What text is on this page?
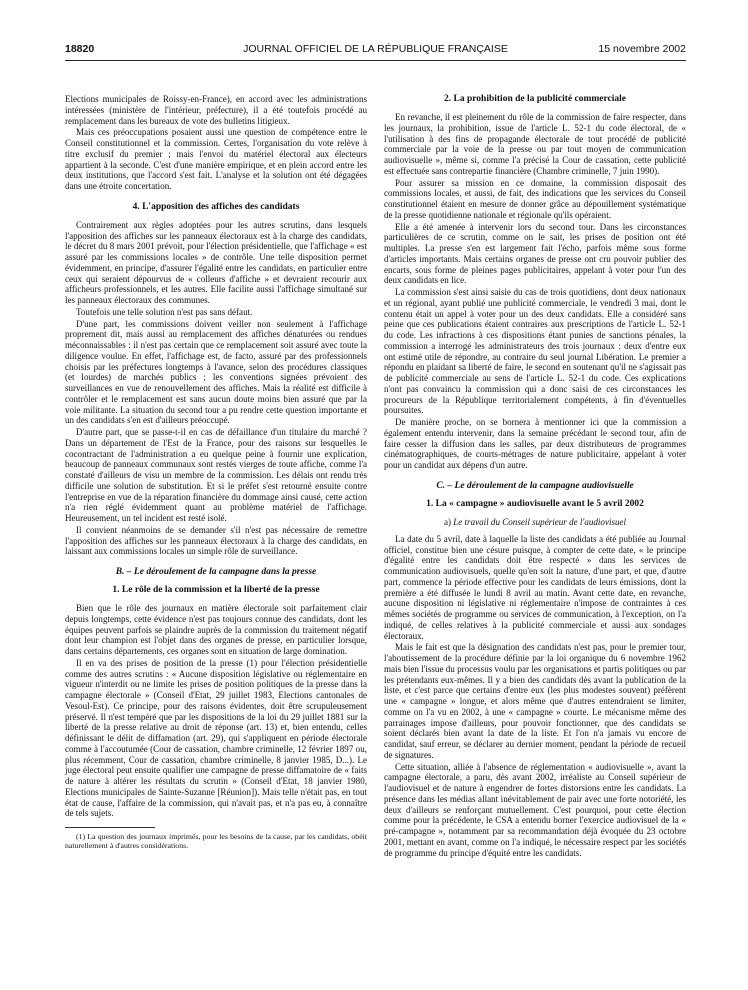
18820	JOURNAL OFFICIEL DE LA RÉPUBLIQUE FRANÇAISE	15 novembre 2002

Elections municipales de Roissy-en-France), en accord avec les administrations intéressées (ministère de l'intérieur, préfecture), il a été toutefois procédé au remplacement dans les bureaux de vote des bulletins litigieux.

Mais ces préoccupations posaient aussi une question de compétence entre le Conseil constitutionnel et la commission. Certes, l'organisation du vote relève à titre exclusif du premier ; mais l'envoi du matériel électoral aux électeurs appartient à la seconde. C'est d'une manière empirique, et en plein accord entre les deux institutions, que l'accord s'est fait. L'analyse et la solution ont été dégagées dans une étroite concertation.

4. L'apposition des affiches des candidats

Contrairement aux règles adoptées pour les autres scrutins, dans lesquels l'apposition des affiches sur les panneaux électoraux est à la charge des candidats, le décret du 8 mars 2001 prévoit, pour l'élection présidentielle, que l'affichage « est assuré par les commissions locales » de contrôle. Une telle disposition permet évidemment, en principe, d'assurer l'égalité entre les candidats, en particulier entre ceux qui seraient dépourvus de « colleurs d'affiche » et devraient recourir aux afficheurs professionnels, et les autres. Elle facilite aussi l'affichage simultané sur les panneaux électoraux des communes.

Toutefois une telle solution n'est pas sans défaut.

D'une part, les commissions doivent veiller non seulement à l'affichage proprement dit, mais aussi au remplacement des affiches dénaturées ou rendues méconnaissables : il n'est pas certain que ce remplacement soit assuré avec toute la diligence voulue. En effet, l'affichage est, de facto, assuré par des professionnels choisis par les préfectures longtemps à l'avance, selon des procédures classiques (et lourdes) de marchés publics ; les conventions signées prévoient des surveillances en vue de renouvellement des affiches. Mais la réalité est difficile à contrôler et le remplacement est sans aucun doute moins bien assuré que par la voie militante. La situation du second tour a pu rendre cette question importante et un des candidats s'en est d'ailleurs préoccupé.

D'autre part, que se passe-t-il en cas de défaillance d'un titulaire du marché ? Dans un département de l'Est de la France, pour des raisons sur lesquelles le cocontractant de l'administration a eu quelque peine à fournir une explication, beaucoup de panneaux communaux sont restés vierges de toute affiche, comme l'a constaté d'ailleurs de visu un membre de la commission. Les délais ont rendu très difficile une solution de substitution. Et si le préfet s'est retourné ensuite contre l'entreprise en vue de la réparation financière du dommage ainsi causé, cette action n'a rien réglé évidemment quant au problème matériel de l'affichage. Heureusement, un tel incident est resté isolé.

Il convient néanmoins de se demander s'il n'est pas nécessaire de remettre l'apposition des affiches sur les panneaux électoraux à la charge des candidats, en laissant aux commissions locales un simple rôle de surveillance.

B. – Le déroulement de la campagne dans la presse
1. Le rôle de la commission et la liberté de la presse

Bien que le rôle des journaux en matière électorale soit parfaitement clair depuis longtemps, cette évidence n'est pas toujours connue des candidats, dont les équipes peuvent parfois se plaindre auprès de la commission du traitement négatif dont leur champion est l'objet dans des organes de presse, en particulier lorsque, dans certains départements, ces organes sont en situation de large domination.

Il en va des prises de position de la presse (1) pour l'élection présidentielle comme des autres scrutins : « Aucune disposition législative ou réglementaire en vigueur n'interdit ou ne limite les prises de position politiques de la presse dans la campagne électorale » (Conseil d'Etat, 29 juillet 1983, Elections cantonales de Vesoul-Est). Ce principe, pour des raisons évidentes, doit être scrupuleusement préservé. Il n'est tempéré que par les dispositions de la loi du 29 juillet 1881 sur la liberté de la presse relative au droit de réponse (art. 13) et, bien entendu, celles définissant le délit de diffamation (art. 29), qui s'appliquent en période électorale comme à l'accoutumée (Cour de cassation, chambre criminelle, 12 février 1897 ou, plus récemment, Cour de cassation, chambre criminelle, 8 janvier 1985, D...). Le juge électoral peut ensuite qualifier une campagne de presse diffamatoire de « faits de nature à altérer les résultats du scrutin » (Conseil d'Etat, 18 janvier 1980, Elections municipales de Sainte-Suzanne [Réunion]). Mais telle n'était pas, en tout état de cause, l'affaire de la commission, qui n'avait pas, et n'a pas eu, à connaître de tels sujets.

(1) La question des journaux imprimés, pour les besoins de la cause, par les candidats, obéit naturellement à d'autres considérations.

2. La prohibition de la publicité commerciale

En revanche, il est pleinement du rôle de la commission de faire respecter, dans les journaux, la prohibition, issue de l'article L. 52-1 du code électoral, de « l'utilisation à des fins de propagande électorale de tout procédé de publicité commerciale par la voie de la presse ou par tout moyen de communication audiovisuelle », même si, comme l'a précisé la Cour de cassation, cette publicité est effectuée sans contrepartie financière (Chambre criminelle, 7 juin 1990).

Pour assurer sa mission en ce domaine, la commission disposait des commissions locales, et aussi, de fait, des indications que les services du Conseil constitutionnel étaient en mesure de donner grâce au dépouillement systématique de la presse quotidienne nationale et régionale qu'ils opéraient.

Elle a été amenée à intervenir lors du second tour. Dans les circonstances particulières de ce scrutin, comme on le sait, les prises de position ont été multiples. La presse s'en est largement fait l'écho, parfois même sous forme d'articles importants. Mais certains organes de presse ont cru pouvoir publier des encarts, sous forme de pleines pages publicitaires, appelant à voter pour l'un des deux candidats en lice.

La commission s'est ainsi saisie du cas de trois quotidiens, dont deux nationaux et un régional, ayant publié une publicité commerciale, le vendredi 3 mai, dont le contenu était un appel à voter pour un des deux candidats. Elle a considéré sans peine que ces publications étaient contraires aux prescriptions de l'article L. 52-1 du code. Les infractions à ces dispositions étant punies de sanctions pénales, la commission a interrogé les administrateurs des trois journaux : deux d'entre eux ont estimé utile de répondre, au contraire du seul journal Libération. Le premier a répondu en plaidant sa liberté de faire, le second en soutenant qu'il ne s'agissait pas de publicité commerciale au sens de l'article L. 52-1 du code. Ces explications n'ont pas convaincu la commission qui a donc saisi de ces circonstances les procureurs de la République territorialement compétents, à fin d'éventuelles poursuites.

De manière proche, on se bornera à mentionner ici que la commission a également entendu intervenir, dans la semaine précédant le second tour, afin de faire cesser la diffusion dans les salles, par deux distributeurs de programmes cinématographiques, de courts-métrages de nature publicitaire, appelant à voter pour un candidat aux dépens d'un autre.

C. – Le déroulement de la campagne audiovisuelle
1. La « campagne » audiovisuelle avant le 5 avril 2002
a) Le travail du Conseil supérieur de l'audiovisuel

La date du 5 avril, date à laquelle la liste des candidats a été publiée au Journal officiel, constitue bien une césure puisque, à compter de cette date, « le principe d'égalité entre les candidats doit être respecté » dans les services de communication audiovisuels, quelle qu'en soit la nature, d'une part, et que, d'autre part, commence la période effective pour les candidats de leurs émissions, dont la première a été diffusée le lundi 8 avril au matin. Avant cette date, en revanche, aucune disposition ni législative ni réglementaire n'impose de contraintes à ces mêmes sociétés de programme ou services de communication, à l'exception, on l'a indiqué, de celles relatives à la publicité commerciale et aussi aux sondages électoraux.

Mais le fait est que la désignation des candidats n'est pas, pour le premier tour, l'aboutissement de la procédure définie par la loi organique du 6 novembre 1962 mais bien l'issue du processus voulu par les organisations et partis politiques ou par les prétendants eux-mêmes. Il y a bien des candidats dès avant la publication de la liste, et c'est parce que certains d'entre eux (les plus modestes souvent) préfèrent une « campagne » longue, et alors même que d'autres entendraient se limiter, comme on l'a vu en 2002, à une « campagne » courte. Le mécanisme même des parrainages impose d'ailleurs, pour pouvoir fonctionner, que des candidats se soient déclarés bien avant la date de la liste. Et l'on n'a jamais vu encore de candidat, sauf erreur, se déclarer au dernier moment, pendant la période de recueil de signatures.

Cette situation, alliée à l'absence de réglementation « audiovisuelle », avant la campagne électorale, a paru, dès avant 2002, irréaliste au Conseil supérieur de l'audiovisuel et de nature à engendrer de fortes distorsions entre les candidats. La présence dans les médias allant inévitablement de pair avec une forte notoriété, les deux d'ailleurs se renforçant mutuellement. C'est pourquoi, pour cette élection comme pour la précédente, le CSA a entendu borner l'exercice audiovisuel de la « pré-campagne », notamment par sa recommandation déjà évoquée du 23 octobre 2001, mettant en avant, comme on l'a indiqué, le nécessaire respect par les sociétés de programme du principe d'équité entre les candidats.
